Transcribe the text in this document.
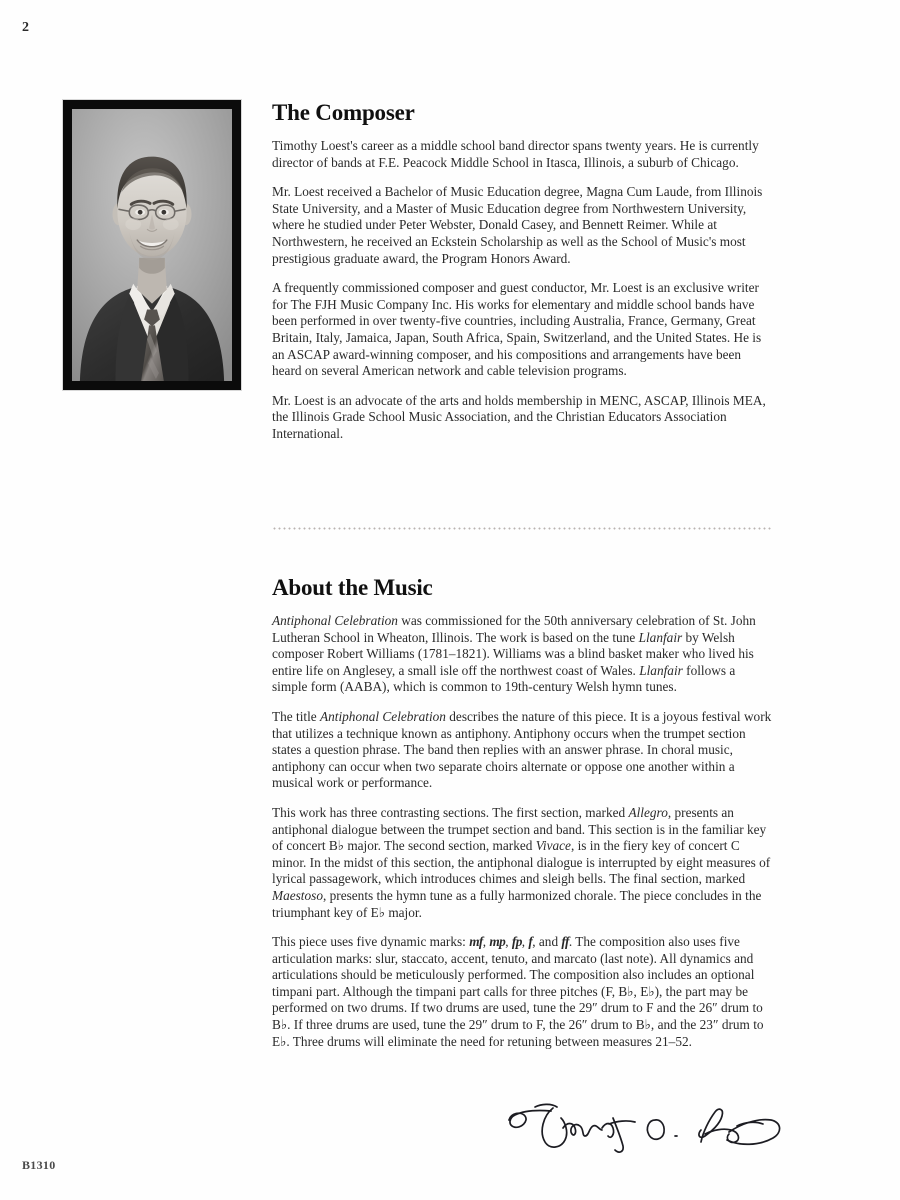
2
The Composer

Timothy Loest's career as a middle school band director spans twenty years. He is currently director of bands at F.E. Peacock Middle School in Itasca, Illinois, a suburb of Chicago.

Mr. Loest received a Bachelor of Music Education degree, Magna Cum Laude, from Illinois State University, and a Master of Music Education degree from Northwestern University, where he studied under Peter Webster, Donald Casey, and Bennett Reimer. While at Northwestern, he received an Eckstein Scholarship as well as the School of Music's most prestigious graduate award, the Program Honors Award.

A frequently commissioned composer and guest conductor, Mr. Loest is an exclusive writer for The FJH Music Company Inc. His works for elementary and middle school bands have been performed in over twenty-five countries, including Australia, France, Germany, Great Britain, Italy, Jamaica, Japan, South Africa, Spain, Switzerland, and the United States. He is an ASCAP award-winning composer, and his compositions and arrangements have been heard on several American network and cable television programs.

Mr. Loest is an advocate of the arts and holds membership in MENC, ASCAP, Illinois MEA, the Illinois Grade School Music Association, and the Christian Educators Association International.

About the Music

Antiphonal Celebration was commissioned for the 50th anniversary celebration of St. John Lutheran School in Wheaton, Illinois. The work is based on the tune Llanfair by Welsh composer Robert Williams (1781–1821). Williams was a blind basket maker who lived his entire life on Anglesey, a small isle off the northwest coast of Wales. Llanfair follows a simple form (AABA), which is common to 19th-century Welsh hymn tunes.

The title Antiphonal Celebration describes the nature of this piece. It is a joyous festival work that utilizes a technique known as antiphony. Antiphony occurs when the trumpet section states a question phrase. The band then replies with an answer phrase. In choral music, antiphony can occur when two separate choirs alternate or oppose one another within a musical work or performance.

This work has three contrasting sections. The first section, marked Allegro, presents an antiphonal dialogue between the trumpet section and band. This section is in the familiar key of concert B♭ major. The second section, marked Vivace, is in the fiery key of concert C minor. In the midst of this section, the antiphonal dialogue is interrupted by eight measures of lyrical passagework, which introduces chimes and sleigh bells. The final section, marked Maestoso, presents the hymn tune as a fully harmonized chorale. The piece concludes in the triumphant key of E♭ major.

This piece uses five dynamic marks: mf, mp, fp, f, and ff. The composition also uses five articulation marks: slur, staccato, accent, tenuto, and marcato (last note). All dynamics and articulations should be meticulously performed. The composition also includes an optional timpani part. Although the timpani part calls for three pitches (F, B♭, E♭), the part may be performed on two drums. If two drums are used, tune the 29″ drum to F and the 26″ drum to B♭. If three drums are used, tune the 29″ drum to F, the 26″ drum to B♭, and the 23″ drum to E♭. Three drums will eliminate the need for retuning between measures 21–52.

B1310
